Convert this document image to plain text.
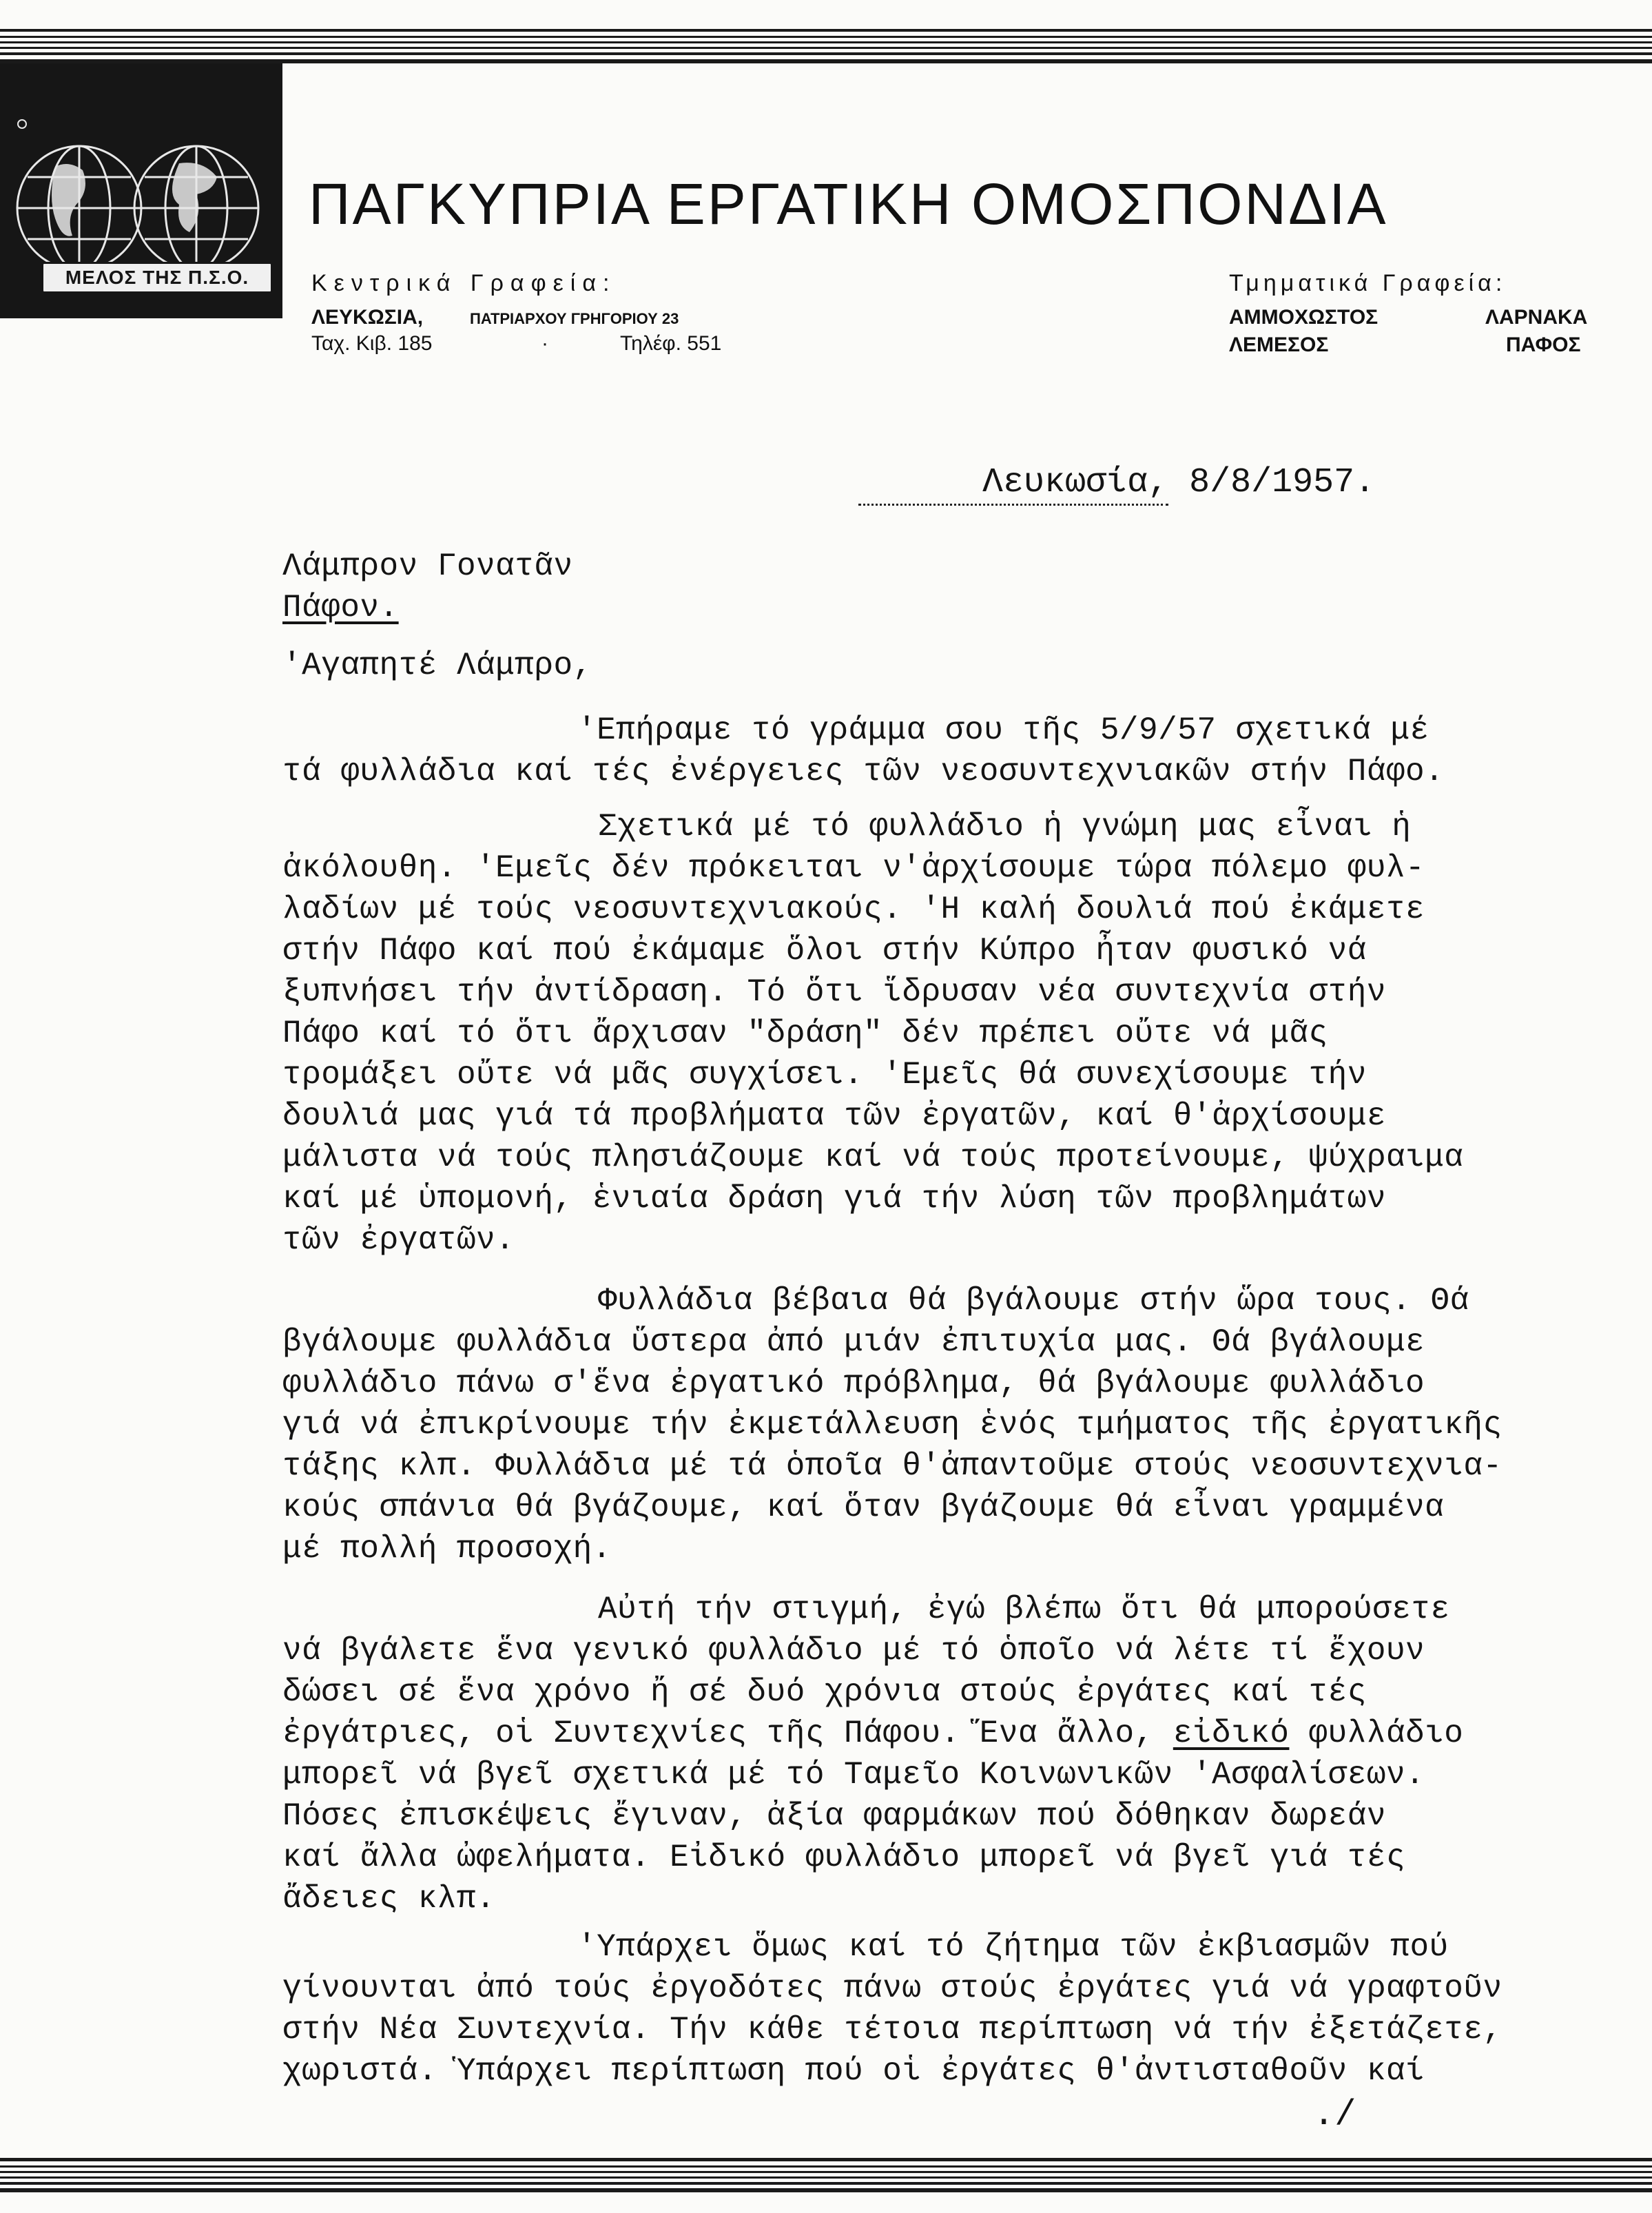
ΜΕΛΟΣ ΤΗΣ Π.Σ.Ο.
ΠΑΓΚΥΠΡΙΑ ΕΡΓΑΤΙΚΗ ΟΜΟΣΠΟΝΔΙΑ
Κεντρικά Γραφεία:
ΛΕΥΚΩΣΙΑ,	ΠΑΤΡΙΑΡΧΟΥ ΓΡΗΓΟΡΙΟΥ 23
Ταχ. Κιβ. 185	·	Τηλέφ. 551
Τμηματικά Γραφεία:
ΑΜΜΟΧΩΣΤΟΣ	ΛΑΡΝΑΚΑ
ΛΕΜΕΣΟΣ	ΠΑΦΟΣ
Λευκωσία, 8/8/1957.
Λάμπρον Γονατᾶν
Πάφον.
'Αγαπητέ Λάμπρο,
'Επήραμε τό γράμμα σου τῆς 5/9/57 σχετικά μέ
τά φυλλάδια καί τές ἐνέργειες τῶν νεοσυντεχνιακῶν στήν Πάφο.
Σχετικά μέ τό φυλλάδιο ἡ γνώμη μας εἶναι ἡ
ἀκόλουθη. 'Εμεῖς δέν πρόκειται ν'ἀρχίσουμε τώρα πόλεμο φυλ-
λαδίων μέ τούς νεοσυντεχνιακούς. 'Η καλή δουλιά πού ἐκάμετε
στήν Πάφο καί πού ἐκάμαμε ὅλοι στήν Κύπρο ἦταν φυσικό νά
ξυπνήσει τήν ἀντίδραση. Τό ὅτι ἵδρυσαν νέα συντεχνία στήν
Πάφο καί τό ὅτι ἄρχισαν "δράση" δέν πρέπει οὔτε νά μᾶς
τρομάξει οὔτε νά μᾶς συγχίσει. 'Εμεῖς θά συνεχίσουμε τήν
δουλιά μας γιά τά προβλήματα τῶν ἐργατῶν, καί θ'ἀρχίσουμε
μάλιστα νά τούς πλησιάζουμε καί νά τούς προτείνουμε, ψύχραιμα
καί μέ ὑπομονή, ἑνιαία δράση γιά τήν λύση τῶν προβλημάτων
τῶν ἐργατῶν.
Φυλλάδια βέβαια θά βγάλουμε στήν ὥρα τους. Θά
βγάλουμε φυλλάδια ὕστερα ἀπό μιάν ἐπιτυχία μας. Θά βγάλουμε
φυλλάδιο πάνω σ'ἕνα ἐργατικό πρόβλημα, θά βγάλουμε φυλλάδιο
γιά νά ἐπικρίνουμε τήν ἐκμετάλλευση ἑνός τμήματος τῆς ἐργατικῆς
τάξης κλπ. Φυλλάδια μέ τά ὁποῖα θ'ἀπαντοῦμε στούς νεοσυντεχνια-
κούς σπάνια θά βγάζουμε, καί ὅταν βγάζουμε θά εἶναι γραμμένα
μέ πολλή προσοχή.
Αὐτή τήν στιγμή, ἐγώ βλέπω ὅτι θά μπορούσετε
νά βγάλετε ἕνα γενικό φυλλάδιο μέ τό ὁποῖο νά λέτε τί ἔχουν
δώσει σέ ἕνα χρόνο ἤ σέ δυό χρόνια στούς ἐργάτες καί τές
ἐργάτριες, οἱ Συντεχνίες τῆς Πάφου. Ἕνα ἄλλο, εἰδικό φυλλάδιο
μπορεῖ νά βγεῖ σχετικά μέ τό Ταμεῖο Κοινωνικῶν 'Ασφαλίσεων.
Πόσες ἐπισκέψεις ἔγιναν, ἀξία φαρμάκων πού δόθηκαν δωρεάν
καί ἄλλα ὠφελήματα. Εἰδικό φυλλάδιο μπορεῖ νά βγεῖ γιά τές
ἄδειες κλπ.
'Υπάρχει ὅμως καί τό ζήτημα τῶν ἐκβιασμῶν πού
γίνουνται ἀπό τούς ἐργοδότες πάνω στούς ἐργάτες γιά νά γραφτοῦν
στήν Νέα Συντεχνία. Τήν κάθε τέτοια περίπτωση νά τήν ἐξετάζετε,
χωριστά. Ὑπάρχει περίπτωση πού οἱ ἐργάτες θ'ἀντισταθοῦν καί
./
